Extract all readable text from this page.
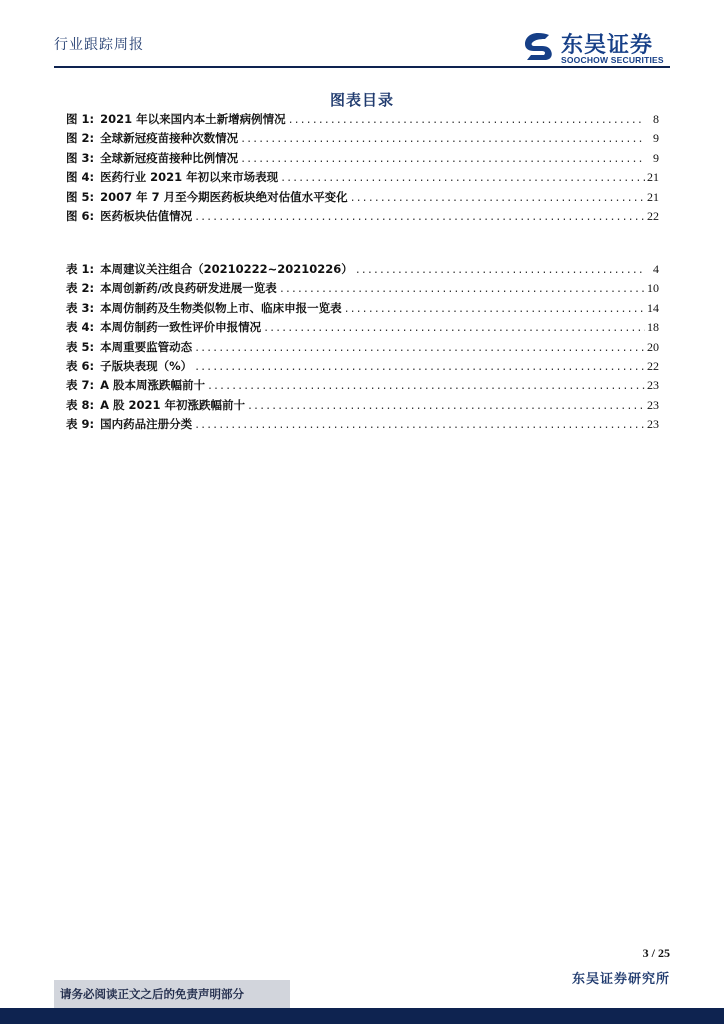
行业跟踪周报	东吴证券
SOOCHOW SECURITIES
图表目录
图 1: 2021 年以来国内本土新增病例情况 .....	8
图 2: 全球新冠疫苗接种次数情况 .....	9
图 3: 全球新冠疫苗接种比例情况 .....	9
图 4: 医药行业 2021 年初以来市场表现 .....	21
图 5: 2007 年 7 月至今期医药板块绝对估值水平变化 .....	21
图 6: 医药板块估值情况 .....	22
表 1: 本周建议关注组合（20210222~20210226） .....	4
表 2: 本周创新药/改良药研发进展一览表 .....	10
表 3: 本周仿制药及生物类似物上市、临床申报一览表 .....	14
表 4: 本周仿制药一致性评价申报情况 .....	18
表 5: 本周重要监管动态 .....	20
表 6: 子版块表现（%） .....	22
表 7: A 股本周涨跌幅前十 .....	23
表 8: A 股 2021 年初涨跌幅前十 .....	23
表 9: 国内药品注册分类 .....	23
3 / 25
东吴证券研究所
请务必阅读正文之后的免责声明部分
